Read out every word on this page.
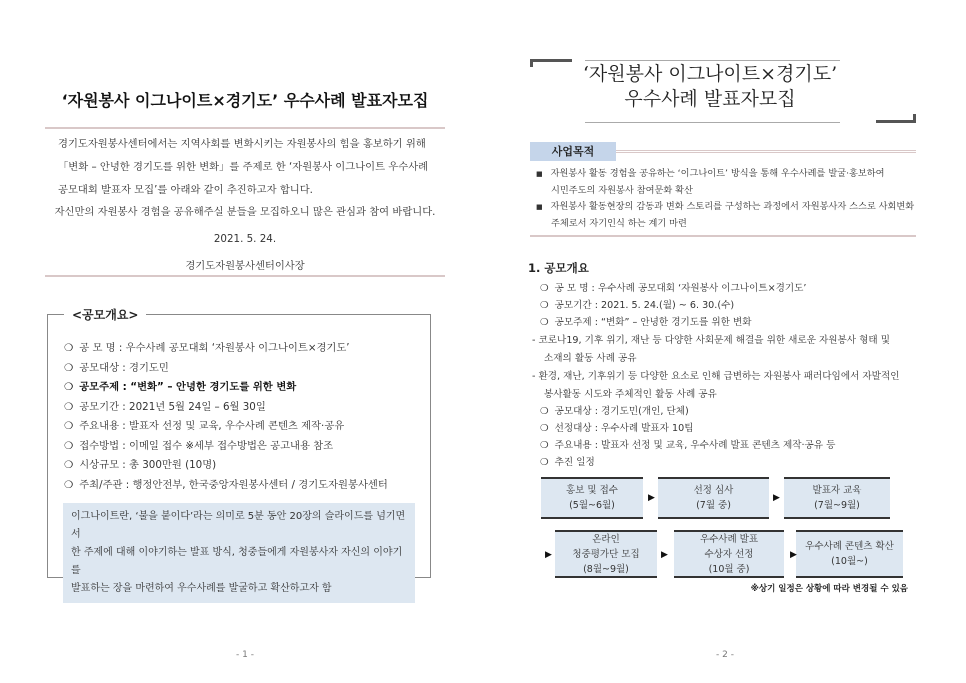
‘자원봉사 이그나이트×경기도’ 우수사례 발표자모집
경기도자원봉사센터에서는 지역사회를 변화시키는 자원봉사의 힘을 홍보하기 위해
「변화 – 안녕한 경기도를 위한 변화」를 주제로 한 ‘자원봉사 이그나이트 우수사례
공모대회 발표자 모집’를 아래와 같이 추진하고자 합니다.
자신만의 자원봉사 경험을 공유해주실 분들을 모집하오니 많은 관심과 참여 바랍니다.
2021. 5. 24.
경기도자원봉사센터이사장
<공모개요>
❍ 공 모 명 : 우수사례 공모대회 ‘자원봉사 이그나이트×경기도’
❍ 공모대상 : 경기도민
❍ 공모주제 : “변화” – 안녕한 경기도를 위한 변화
❍ 공모기간 : 2021년 5월 24일 – 6월 30일
❍ 주요내용 : 발표자 선정 및 교육, 우수사례 콘텐츠 제작·공유
❍ 접수방법 : 이메일 접수 ※세부 접수방법은 공고내용 참조
❍ 시상규모 : 총 300만원 (10명)
❍ 주최/주관 : 행정안전부, 한국중앙자원봉사센터 / 경기도자원봉사센터
이그나이트란, ‘불을 붙이다’라는 의미로 5분 동안 20장의 슬라이드를 넘기면서
한 주제에 대해 이야기하는 발표 방식, 청중들에게 자원봉사자 자신의 이야기를
발표하는 장을 마련하여 우수사례를 발굴하고 확산하고자 함
- 1 -
‘자원봉사 이그나이트×경기도’
우수사례 발표자모집
사업목적
■ 자원봉사 활동 경험을 공유하는 ‘이그나이트’ 방식을 통해 우수사례를 발굴·홍보하여
시민주도의 자원봉사 참여문화 확산
■ 자원봉사 활동현장의 감동과 변화 스토리를 구성하는 과정에서 자원봉사자 스스로 사회변화
주체로서 자기인식 하는 계기 마련
1. 공모개요
❍ 공 모 명 : 우수사례 공모대회 ‘자원봉사 이그나이트×경기도’
❍ 공모기간 : 2021. 5. 24.(월) ~ 6. 30.(수)
❍ 공모주제 : “변화” – 안녕한 경기도를 위한 변화
- 코로나19, 기후 위기, 재난 등 다양한 사회문제 해결을 위한 새로운 자원봉사 형태 및
소재의 활동 사례 공유
- 환경, 재난, 기후위기 등 다양한 요소로 인해 급변하는 자원봉사 패러다임에서 자발적인
봉사활동 시도와 주체적인 활동 사례 공유
❍ 공모대상 : 경기도민(개인, 단체)
❍ 선정대상 : 우수사례 발표자 10팀
❍ 주요내용 : 발표자 선정 및 교육, 우수사례 발표 콘텐츠 제작·공유 등
❍ 추진 일정
홍보 및 접수
(5월~6월)
선정 심사
(7월 중)
발표자 교육
(7월~9월)
온라인
청중평가단 모집
(8월~9월)
우수사례 발표
수상자 선정
(10월 중)
우수사례 콘텐츠 확산
(10월~)
▶	▶
▶	▶	▶
※상기 일정은 상황에 따라 변경될 수 있음
- 2 -
